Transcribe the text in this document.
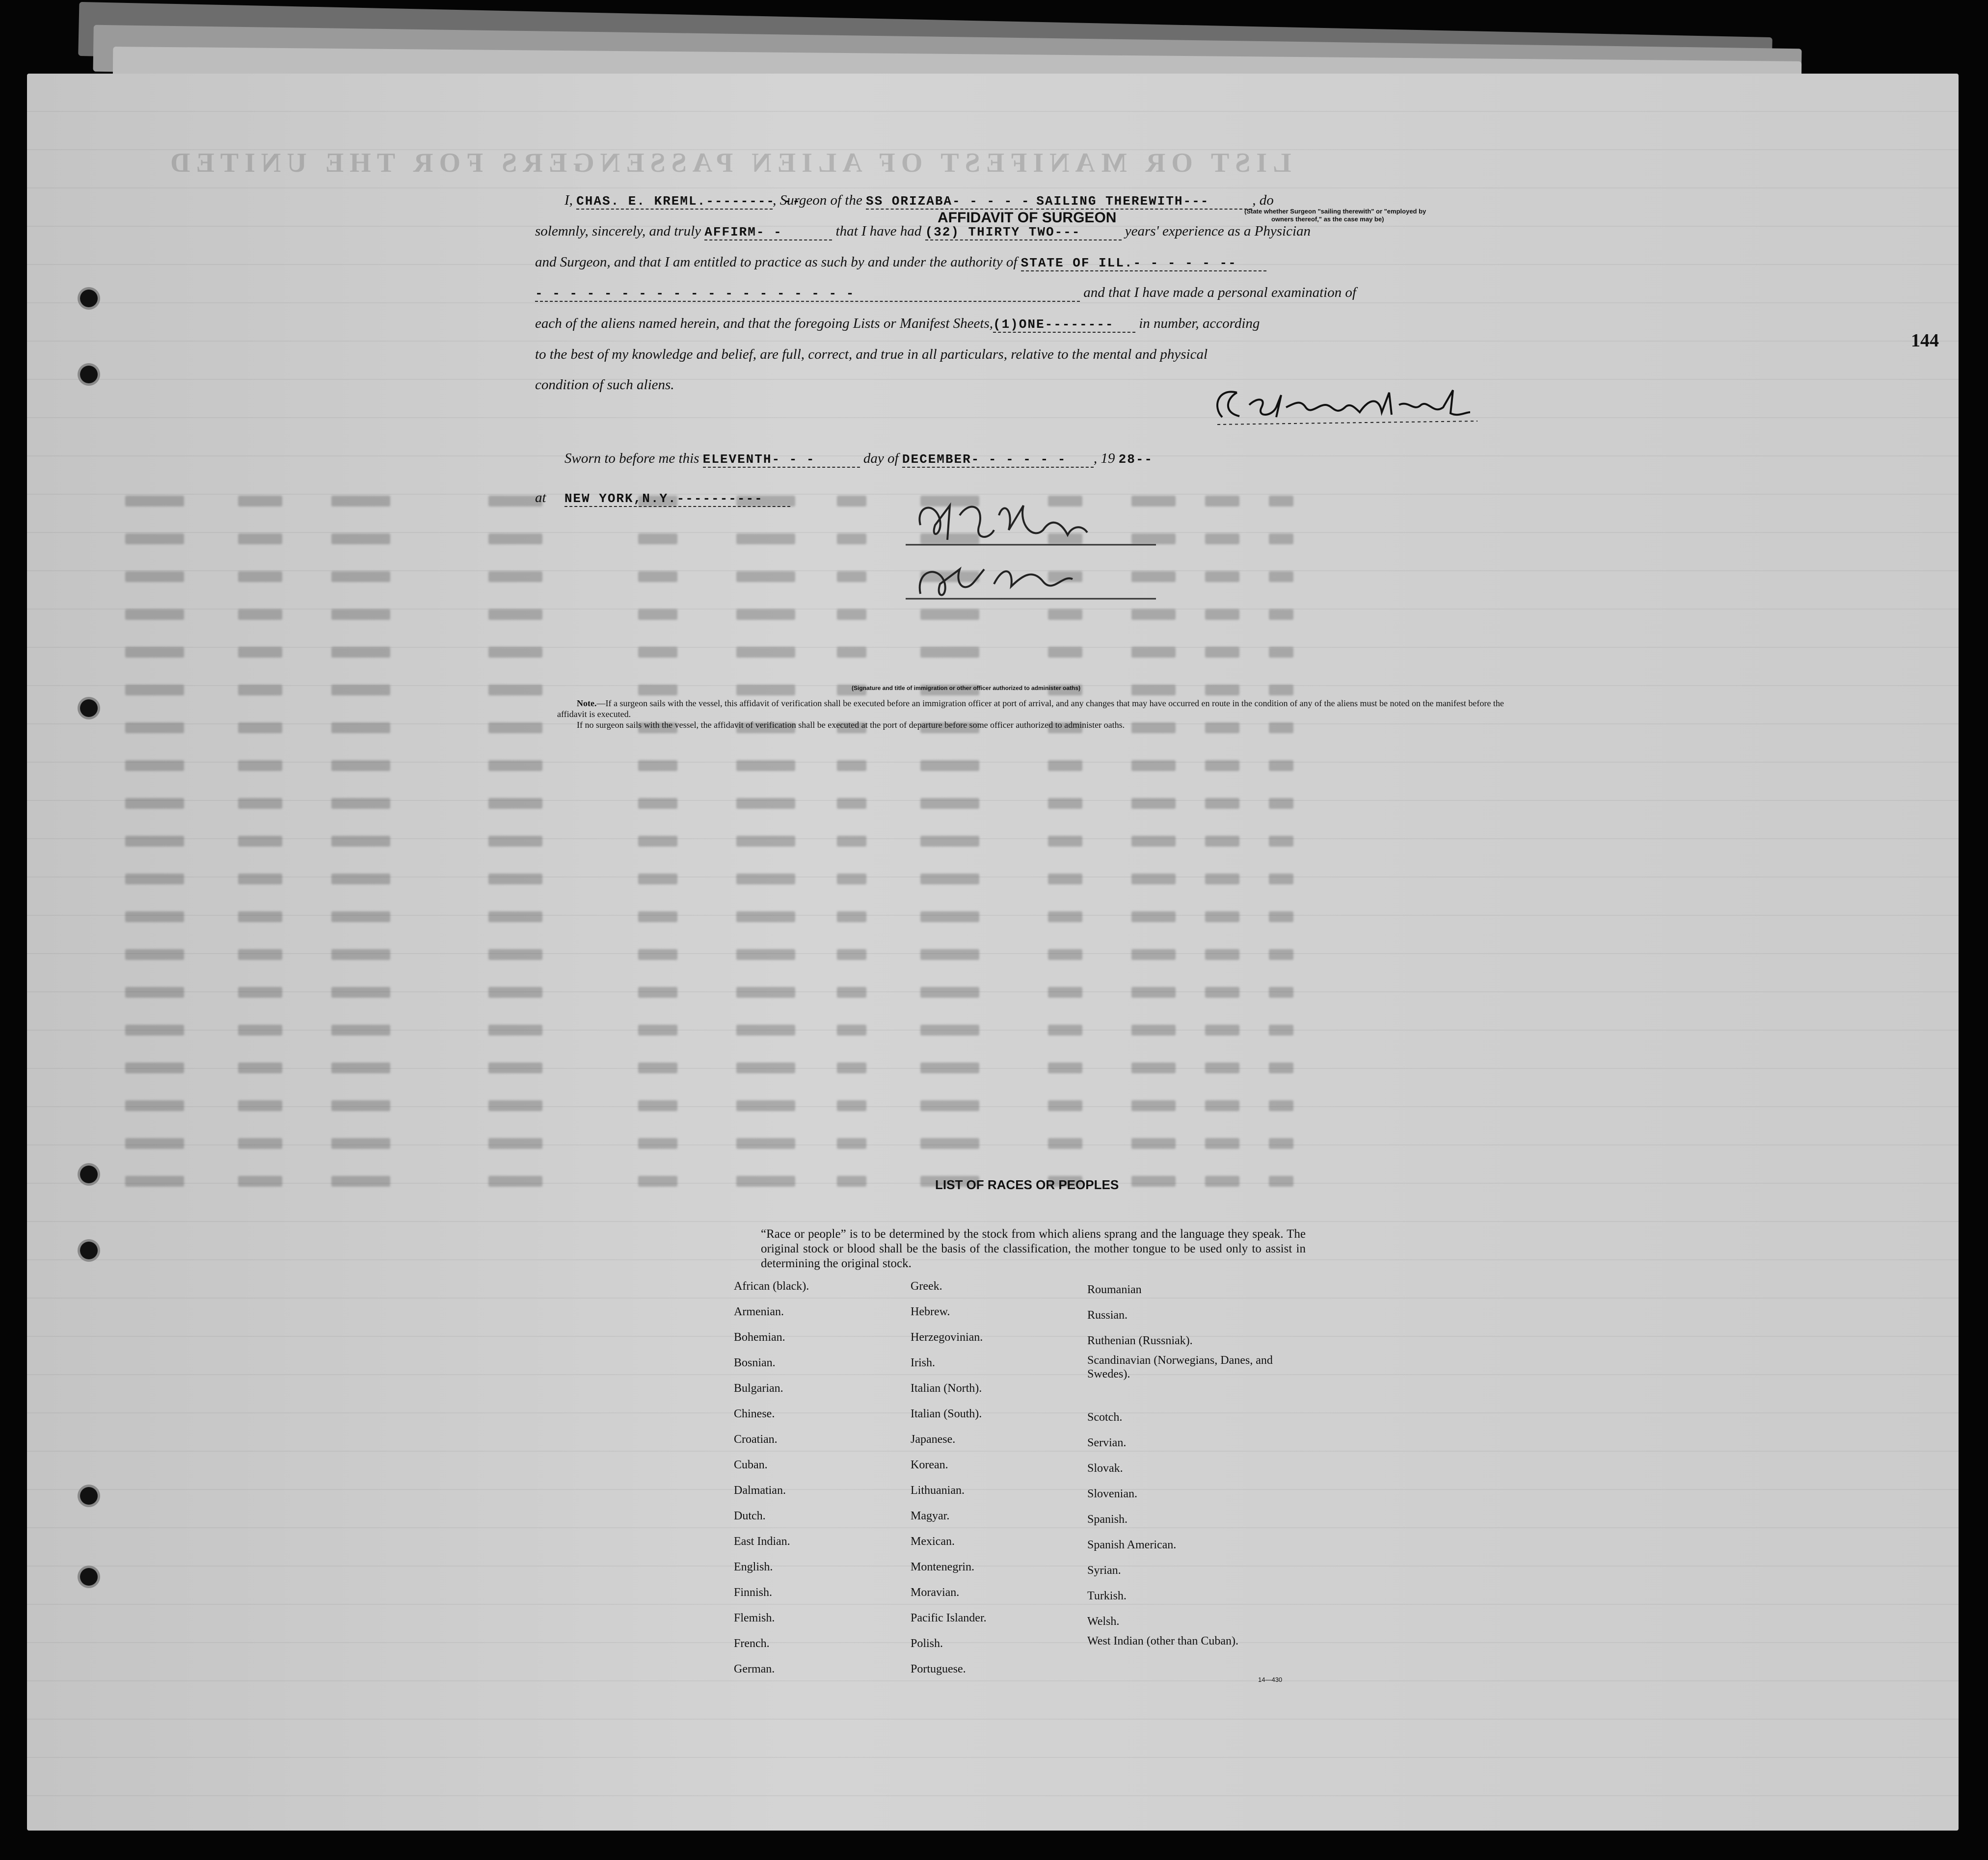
LIST OR MANIFEST OF ALIEN PASSENGERS FOR THE UNITED
144
AFFIDAVIT OF SURGEON
I, CHAS. E. KREML.-------- --, Surgeon of the SS ORIZABA- - - - - SAILING THEREWITH---	, do
(State whether Surgeon "sailing therewith" or "employed by
owners thereof," as the case may be)
solemnly, sincerely, and truly AFFIRM- -	that I have had (32) THIRTY TWO---	years' experience as a Physician
and Surgeon, and that I am entitled to practice as such by and under the authority of STATE OF ILL.- - - - - --
- - - - - - - - - - - - - - - - - - -	and that I have made a personal examination of
each of the aliens named herein, and that the foregoing Lists or Manifest Sheets,(1)ONE-------- in number, according
to the best of my knowledge and belief, are full, correct, and true in all particulars, relative to the mental and physical
condition of such aliens.
Sworn to before me this ELEVENTH- - -	day of DECEMBER- - - - - - , 19 28--
at NEW YORK,N.Y.----------
(Signature and title of immigration or other officer authorized to administer oaths)
Note.—If a surgeon sails with the vessel, this affidavit of verification shall be executed before an immigration officer at port of arrival, and any changes that may have occurred en route in the condition of any of the aliens must be noted on the manifest before the affidavit is executed.
If no surgeon sails with the vessel, the affidavit of verification shall be executed at the port of departure before some officer authorized to administer oaths.
LIST OF RACES OR PEOPLES
“Race or people” is to be determined by the stock from which aliens sprang and the language they speak. The original stock or blood shall be the basis of the classification, the mother tongue to be used only to assist in determining the original stock.
African (black).
Armenian.
Bohemian.
Bosnian.
Bulgarian.
Chinese.
Croatian.
Cuban.
Dalmatian.
Dutch.
East Indian.
English.
Finnish.
Flemish.
French.
German.
Greek.
Hebrew.
Herzegovinian.
Irish.
Italian (North).
Italian (South).
Japanese.
Korean.
Lithuanian.
Magyar.
Mexican.
Montenegrin.
Moravian.
Pacific Islander.
Polish.
Portuguese.
Roumanian
Russian.
Ruthenian (Russniak).
Scandinavian (Norwegians, Danes, and Swedes).
Scotch.
Servian.
Slovak.
Slovenian.
Spanish.
Spanish American.
Syrian.
Turkish.
Welsh.
West Indian (other than Cuban).
14—430
